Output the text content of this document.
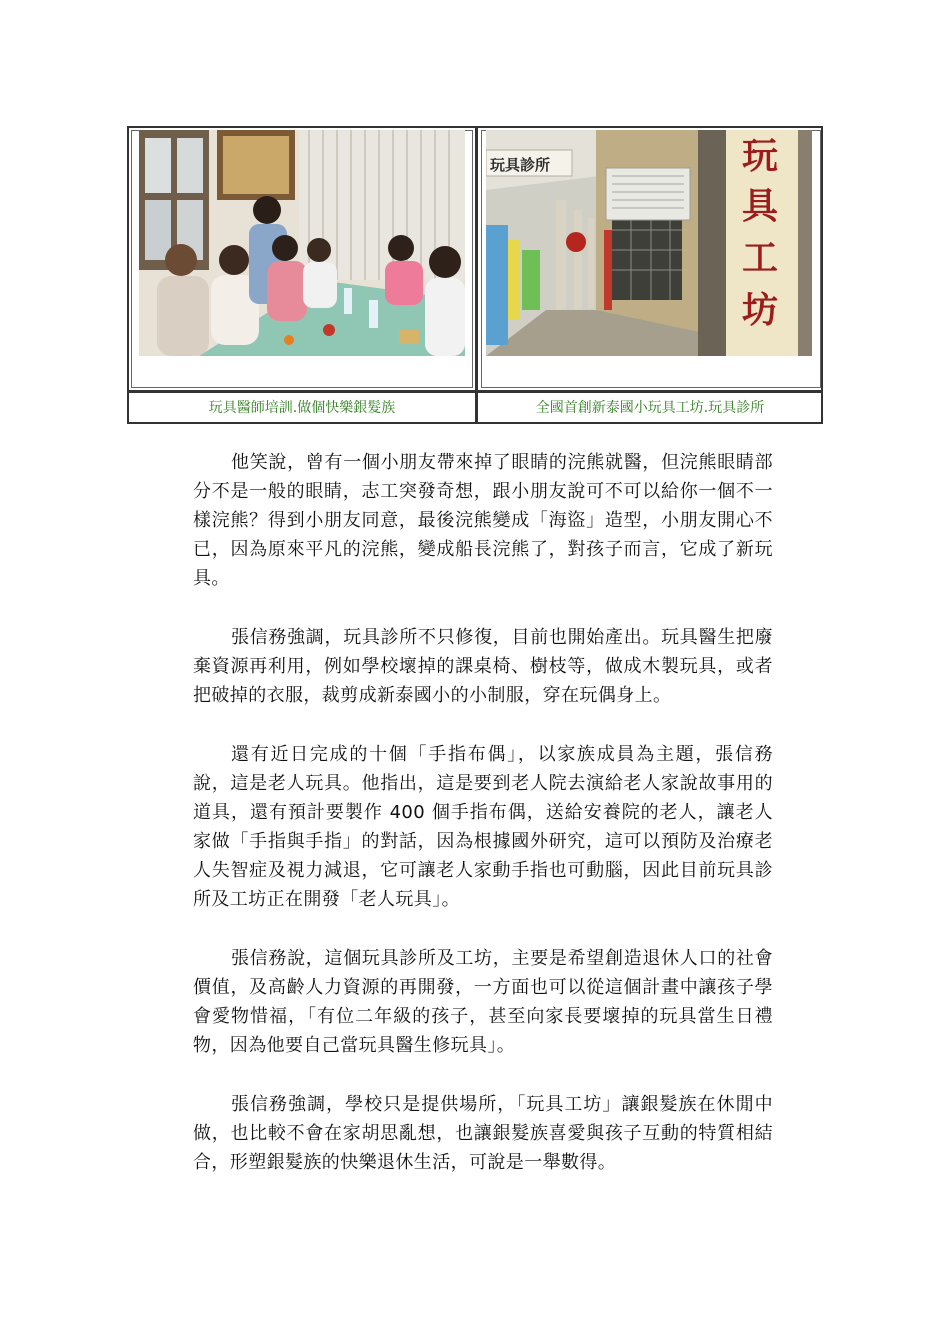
玩具診所	玩
具
工
坊
玩具醫師培訓.做個快樂銀髮族	全國首創新泰國小玩具工坊.玩具診所

他笑說，曾有一個小朋友帶來掉了眼睛的浣熊就醫，但浣熊眼睛部分不是一般的眼睛，志工突發奇想，跟小朋友說可不可以給你一個不一樣浣熊？得到小朋友同意，最後浣熊變成「海盜」造型，小朋友開心不已，因為原來平凡的浣熊，變成船長浣熊了，對孩子而言，它成了新玩具。

張信務強調，玩具診所不只修復，目前也開始產出。玩具醫生把廢棄資源再利用，例如學校壞掉的課桌椅、樹枝等，做成木製玩具，或者把破掉的衣服，裁剪成新泰國小的小制服，穿在玩偶身上。

還有近日完成的十個「手指布偶」，以家族成員為主題，張信務說，這是老人玩具。他指出，這是要到老人院去演給老人家說故事用的道具，還有預計要製作 400 個手指布偶，送給安養院的老人，讓老人家做「手指與手指」的對話，因為根據國外研究，這可以預防及治療老人失智症及視力減退，它可讓老人家動手指也可動腦，因此目前玩具診所及工坊正在開發「老人玩具」。

張信務說，這個玩具診所及工坊，主要是希望創造退休人口的社會價值，及高齡人力資源的再開發，一方面也可以從這個計畫中讓孩子學會愛物惜福，「有位二年級的孩子，甚至向家長要壞掉的玩具當生日禮物，因為他要自己當玩具醫生修玩具」。

張信務強調，學校只是提供場所，「玩具工坊」讓銀髮族在休閒中做，也比較不會在家胡思亂想，也讓銀髮族喜愛與孩子互動的特質相結合，形塑銀髮族的快樂退休生活，可說是一舉數得。
